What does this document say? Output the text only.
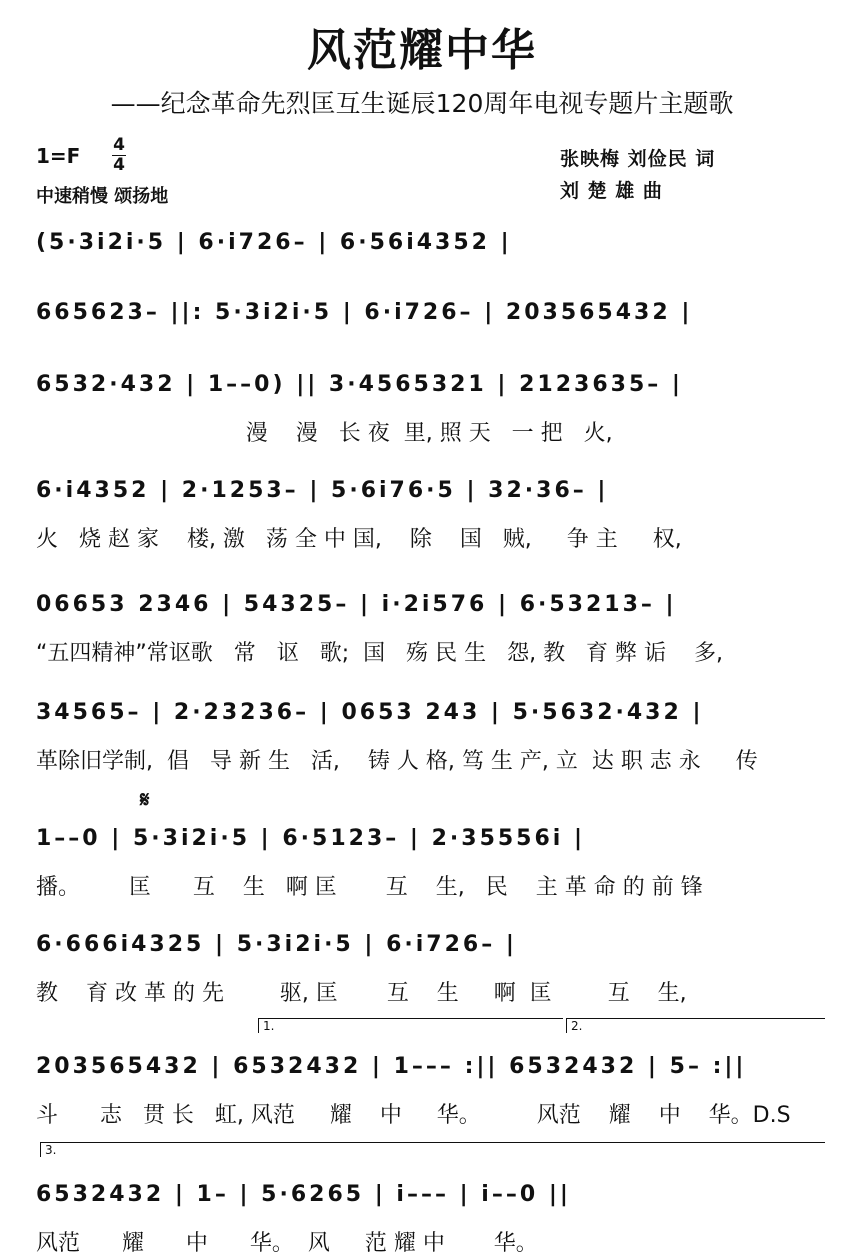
风范耀中华
——纪念革命先烈匡互生诞辰120周年电视专题片主题歌
1=F 4
4
中速稍慢 颂扬地
张映梅 刘俭民 词
刘 楚 雄 曲
𝄋
1.	2.
3.
(5·3i2i·5 | 6·i726– | 6·56i4352 |
665623– ||: 5·3i2i·5 | 6·i726– | 203565432 |
6532·432 | 1––0) || 3·4565321 | 2123635– |
漫    漫   长 夜  里, 照 天   一 把   火,
6·i4352 | 2·1253– | 5·6i76·5 | 32·36– |
火   烧 赵 家    楼, 激   荡 全 中 国,    除    国   贼,     争 主     权,
06653 2346 | 54325– | i·2i576 | 6·53213– |
“五四精神”常讴歌   常   讴   歌;  国   殇 民 生   怨, 教   育 弊 诟    多,
34565– | 2·23236– | 0653 243 | 5·5632·432 |
革除旧学制,  倡   导 新 生   活,    铸 人 格, 笃 生 产, 立  达 职 志 永     传
1––0 | 5·3i2i·5 | 6·5123– | 2·35556i |
播。       匡      互    生   啊 匡       互    生,   民    主 革 命 的 前 锋
6·666i4325 | 5·3i2i·5 | 6·i726– |
教    育 改 革 的 先        驱, 匡       互    生     啊  匡        互    生,
203565432 | 6532432 | 1––– :|| 6532432 | 5– :||
斗      志   贯 长   虹, 风范     耀    中     华。        风范    耀    中    华。D.S
6532432 | 1– | 5·6265 | i––– | i––0 ||
风范      耀      中      华。  风     范 耀 中       华。
